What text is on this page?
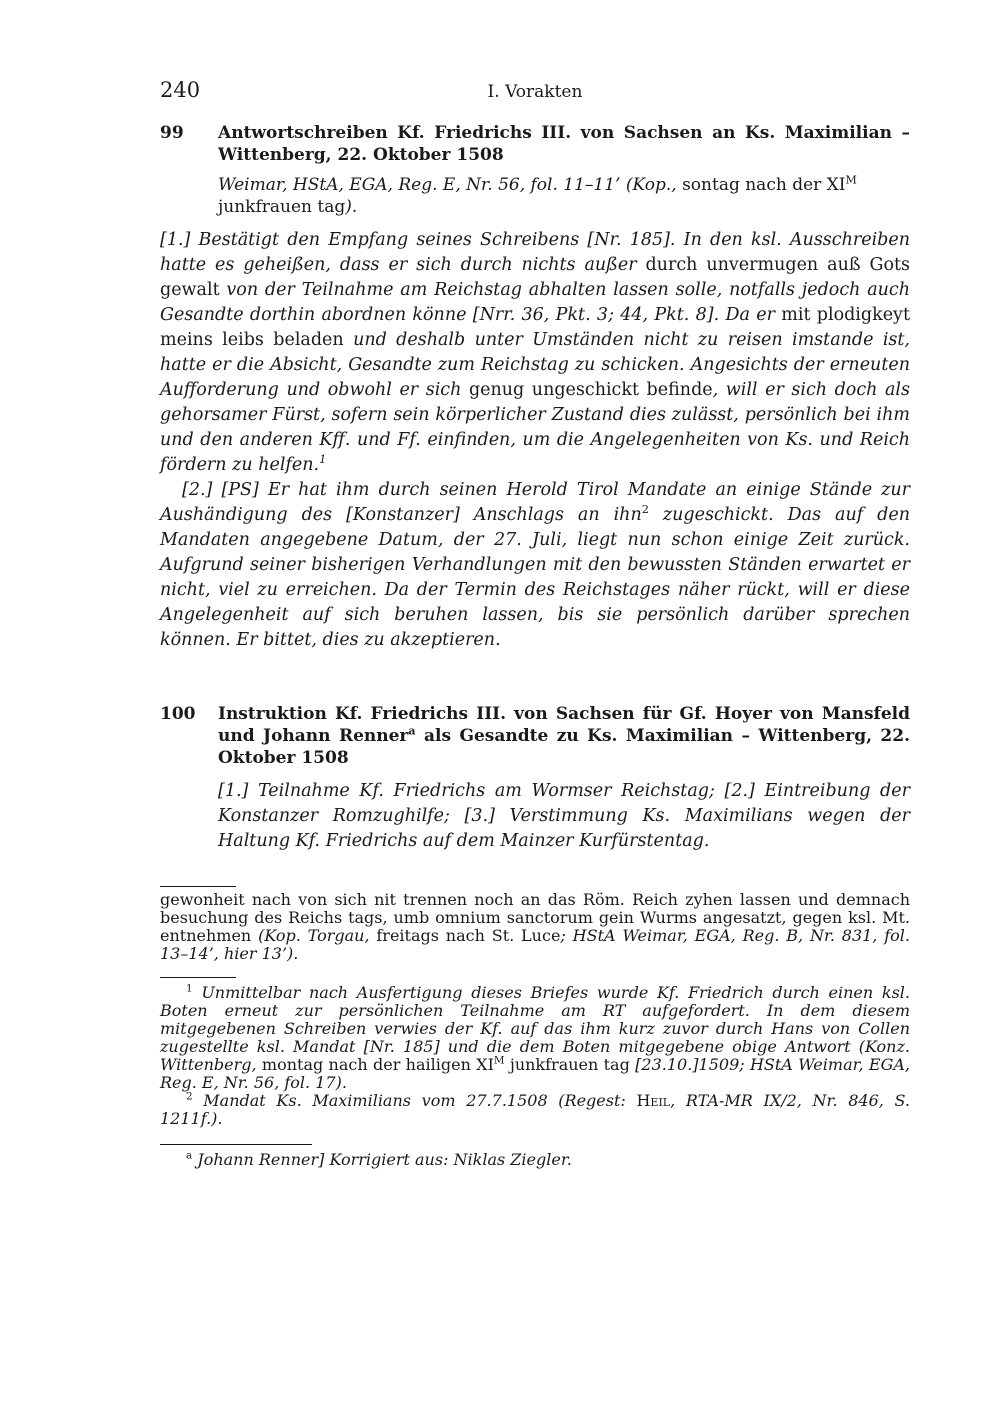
240	I. Vorakten
99	Antwortschreiben Kf. Friedrichs III. von Sachsen an Ks. Maximilian – Wittenberg, 22. Oktober 1508
Weimar, HStA, EGA, Reg. E, Nr. 56, fol. 11–11’ (Kop., sontag nach der $XI^M$ junkfrauen tag).

[1.] Bestätigt den Empfang seines Schreibens [Nr. 185]. In den ksl. Ausschreiben hatte es geheißen, dass er sich durch nichts außer durch unvermugen auß Gots gewalt von der Teilnahme am Reichstag abhalten lassen solle, notfalls jedoch auch Gesandte dorthin abordnen könne [Nrr. 36, Pkt. 3; 44, Pkt. 8]. Da er mit plodigkeyt meins leibs beladen und deshalb unter Umständen nicht zu reisen imstande ist, hatte er die Absicht, Gesandte zum Reichstag zu schicken. Angesichts der erneuten Aufforderung und obwohl er sich genug ungeschickt befinde, will er sich doch als gehorsamer Fürst, sofern sein körperlicher Zustand dies zulässt, persönlich bei ihm und den anderen Kff. und Ff. einfinden, um die Angelegenheiten von Ks. und Reich fördern zu helfen.$^1$

[2.] [PS] Er hat ihm durch seinen Herold Tirol Mandate an einige Stände zur Aushändigung des [Konstanzer] Anschlags an ihn$^2$ zugeschickt. Das auf den Mandaten angegebene Datum, der 27. Juli, liegt nun schon einige Zeit zurück. Aufgrund seiner bisherigen Verhandlungen mit den bewussten Ständen erwartet er nicht, viel zu erreichen. Da der Termin des Reichstages näher rückt, will er diese Angelegenheit auf sich beruhen lassen, bis sie persönlich darüber sprechen können. Er bittet, dies zu akzeptieren.

100	Instruktion Kf. Friedrichs III. von Sachsen für Gf. Hoyer von Mansfeld und Johann Renner$^a$ als Gesandte zu Ks. Maximilian – Wittenberg, 22. Oktober 1508
[1.] Teilnahme Kf. Friedrichs am Wormser Reichstag; [2.] Eintreibung der Konstanzer Romzughilfe; [3.] Verstimmung Ks. Maximilians wegen der Haltung Kf. Friedrichs auf dem Mainzer Kurfürstentag.

gewonheit nach von sich nit trennen noch an das Röm. Reich zyhen lassen und demnach besuchung des Reichs tags, umb omnium sanctorum gein Wurms angesatzt, gegen ksl. Mt. entnehmen (Kop. Torgau, freitags nach St. Luce; HStA Weimar, EGA, Reg. B, Nr. 831, fol. 13–14’, hier 13’).

$^1$ Unmittelbar nach Ausfertigung dieses Briefes wurde Kf. Friedrich durch einen ksl. Boten erneut zur persönlichen Teilnahme am RT aufgefordert. In dem diesem mitgegebenen Schreiben verwies der Kf. auf das ihm kurz zuvor durch Hans von Collen zugestellte ksl. Mandat [Nr. 185] und die dem Boten mitgegebene obige Antwort (Konz. Wittenberg, montag nach der hailigen $XI^M$ junkfrauen tag [23.10.]1509; HStA Weimar, EGA, Reg. E, Nr. 56, fol. 17).

$^2$ Mandat Ks. Maximilians vom 27.7.1508 (Regest: Heil, RTA-MR IX/2, Nr. 846, S. 1211f.).

$^a$ Johann Renner] Korrigiert aus: Niklas Ziegler.
